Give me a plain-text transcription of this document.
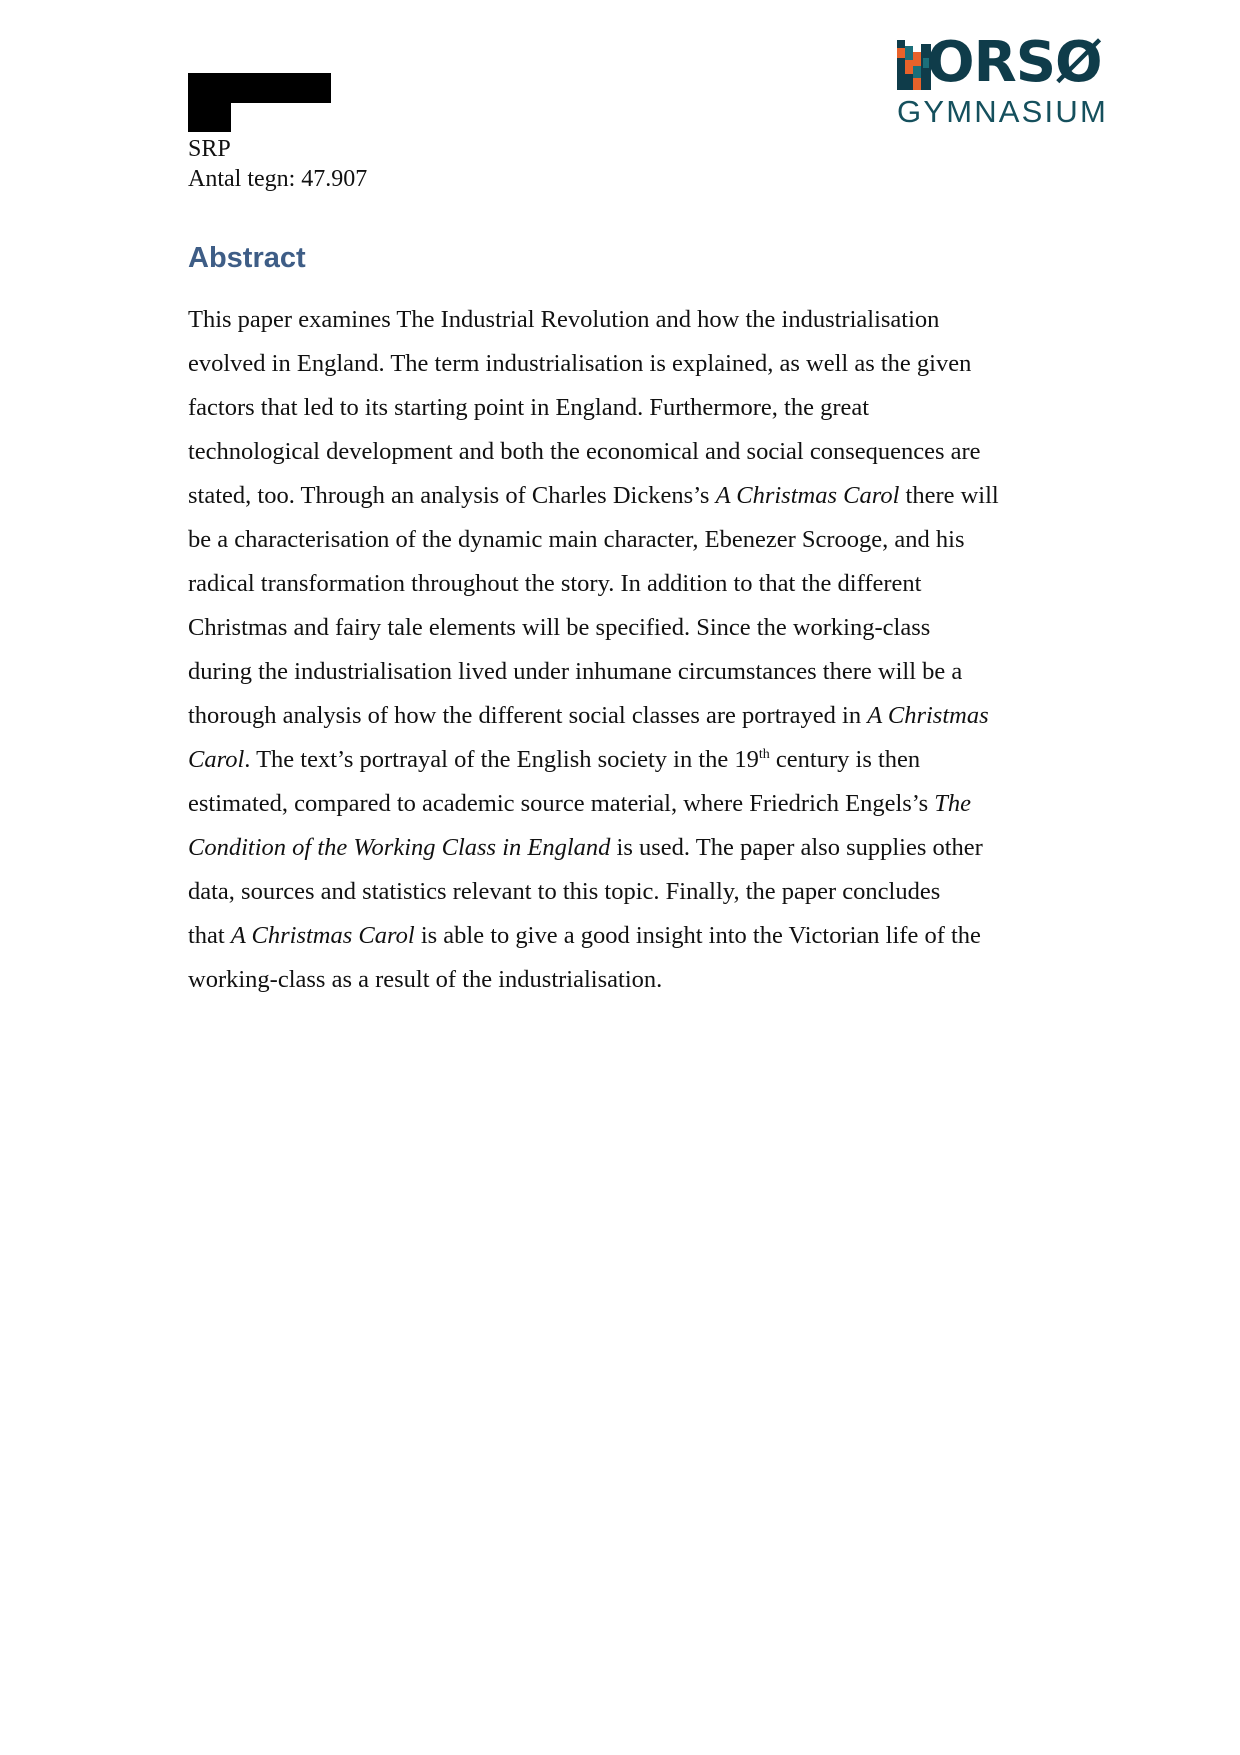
SRP
Antal tegn: 47.907
ORSØ
GYMNASIUM
Abstract
This paper examines The Industrial Revolution and how the industrialisation
evolved in England. The term industrialisation is explained, as well as the given
factors that led to its starting point in England. Furthermore, the great
technological development and both the economical and social consequences are
stated, too. Through an analysis of Charles Dickens’s A Christmas Carol there will
be a characterisation of the dynamic main character, Ebenezer Scrooge, and his
radical transformation throughout the story. In addition to that the different
Christmas and fairy tale elements will be specified. Since the working-class
during the industrialisation lived under inhumane circumstances there will be a
thorough analysis of how the different social classes are portrayed in A Christmas
Carol. The text’s portrayal of the English society in the 19th century is then
estimated, compared to academic source material, where Friedrich Engels’s The
Condition of the Working Class in England is used. The paper also supplies other
data, sources and statistics relevant to this topic. Finally, the paper concludes
that A Christmas Carol is able to give a good insight into the Victorian life of the
working-class as a result of the industrialisation.
